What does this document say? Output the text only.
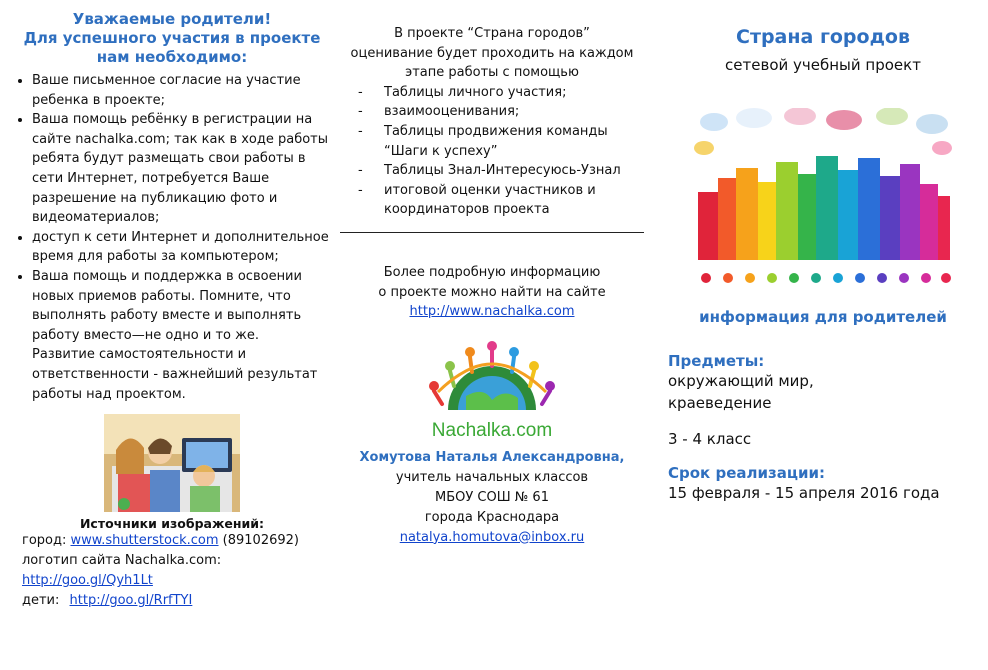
Уважаемые родители!
Для успешного участия в проекте
нам необходимо:
• Ваше письменное согласие на участие ребенка в проекте;
• Ваша помощь ребёнку в регистрации на сайте nachalka.com; так как в ходе работы ребята будут размещать свои работы в сети Интернет, потребуется Ваше разрешение на публикацию фото и видеоматериалов;
• доступ к сети Интернет и дополнительное время для работы за компьютером;
• Ваша помощь и поддержка в освоении новых приемов работы. Помните, что выполнять работу вместе и выполнять работу вместо—не одно и то же.
Развитие самостоятельности и ответственности - важнейший результат работы над проектом.
Источники изображений:
город: www.shutterstock.com (89102692)
логотип сайта Nachalka.com:
http://goo.gl/Qyh1Lt
дети: http://goo.gl/RrfTYI
В проекте “Страна городов”
оценивание будет проходить на каждом
этапе работы с помощью
- Таблицы личного участия;
- взаимооценивания;
- Таблицы продвижения команды “Шаги к успеху”
- Таблицы Знал-Интересуюсь-Узнал
- итоговой оценки участников и координаторов проекта
Более подробную информацию
о проекте можно найти на сайте
http://www.nachalka.com
Nachalka.com
Хомутова Наталья Александровна,
учитель начальных классов
МБОУ СОШ № 61
города Краснодара
natalya.homutova@inbox.ru
Страна городов
сетевой учебный проект
информация для родителей
Предметы:
окружающий мир,
краеведение
3 - 4 класс
Срок реализации:
15 февраля - 15 апреля 2016 года
